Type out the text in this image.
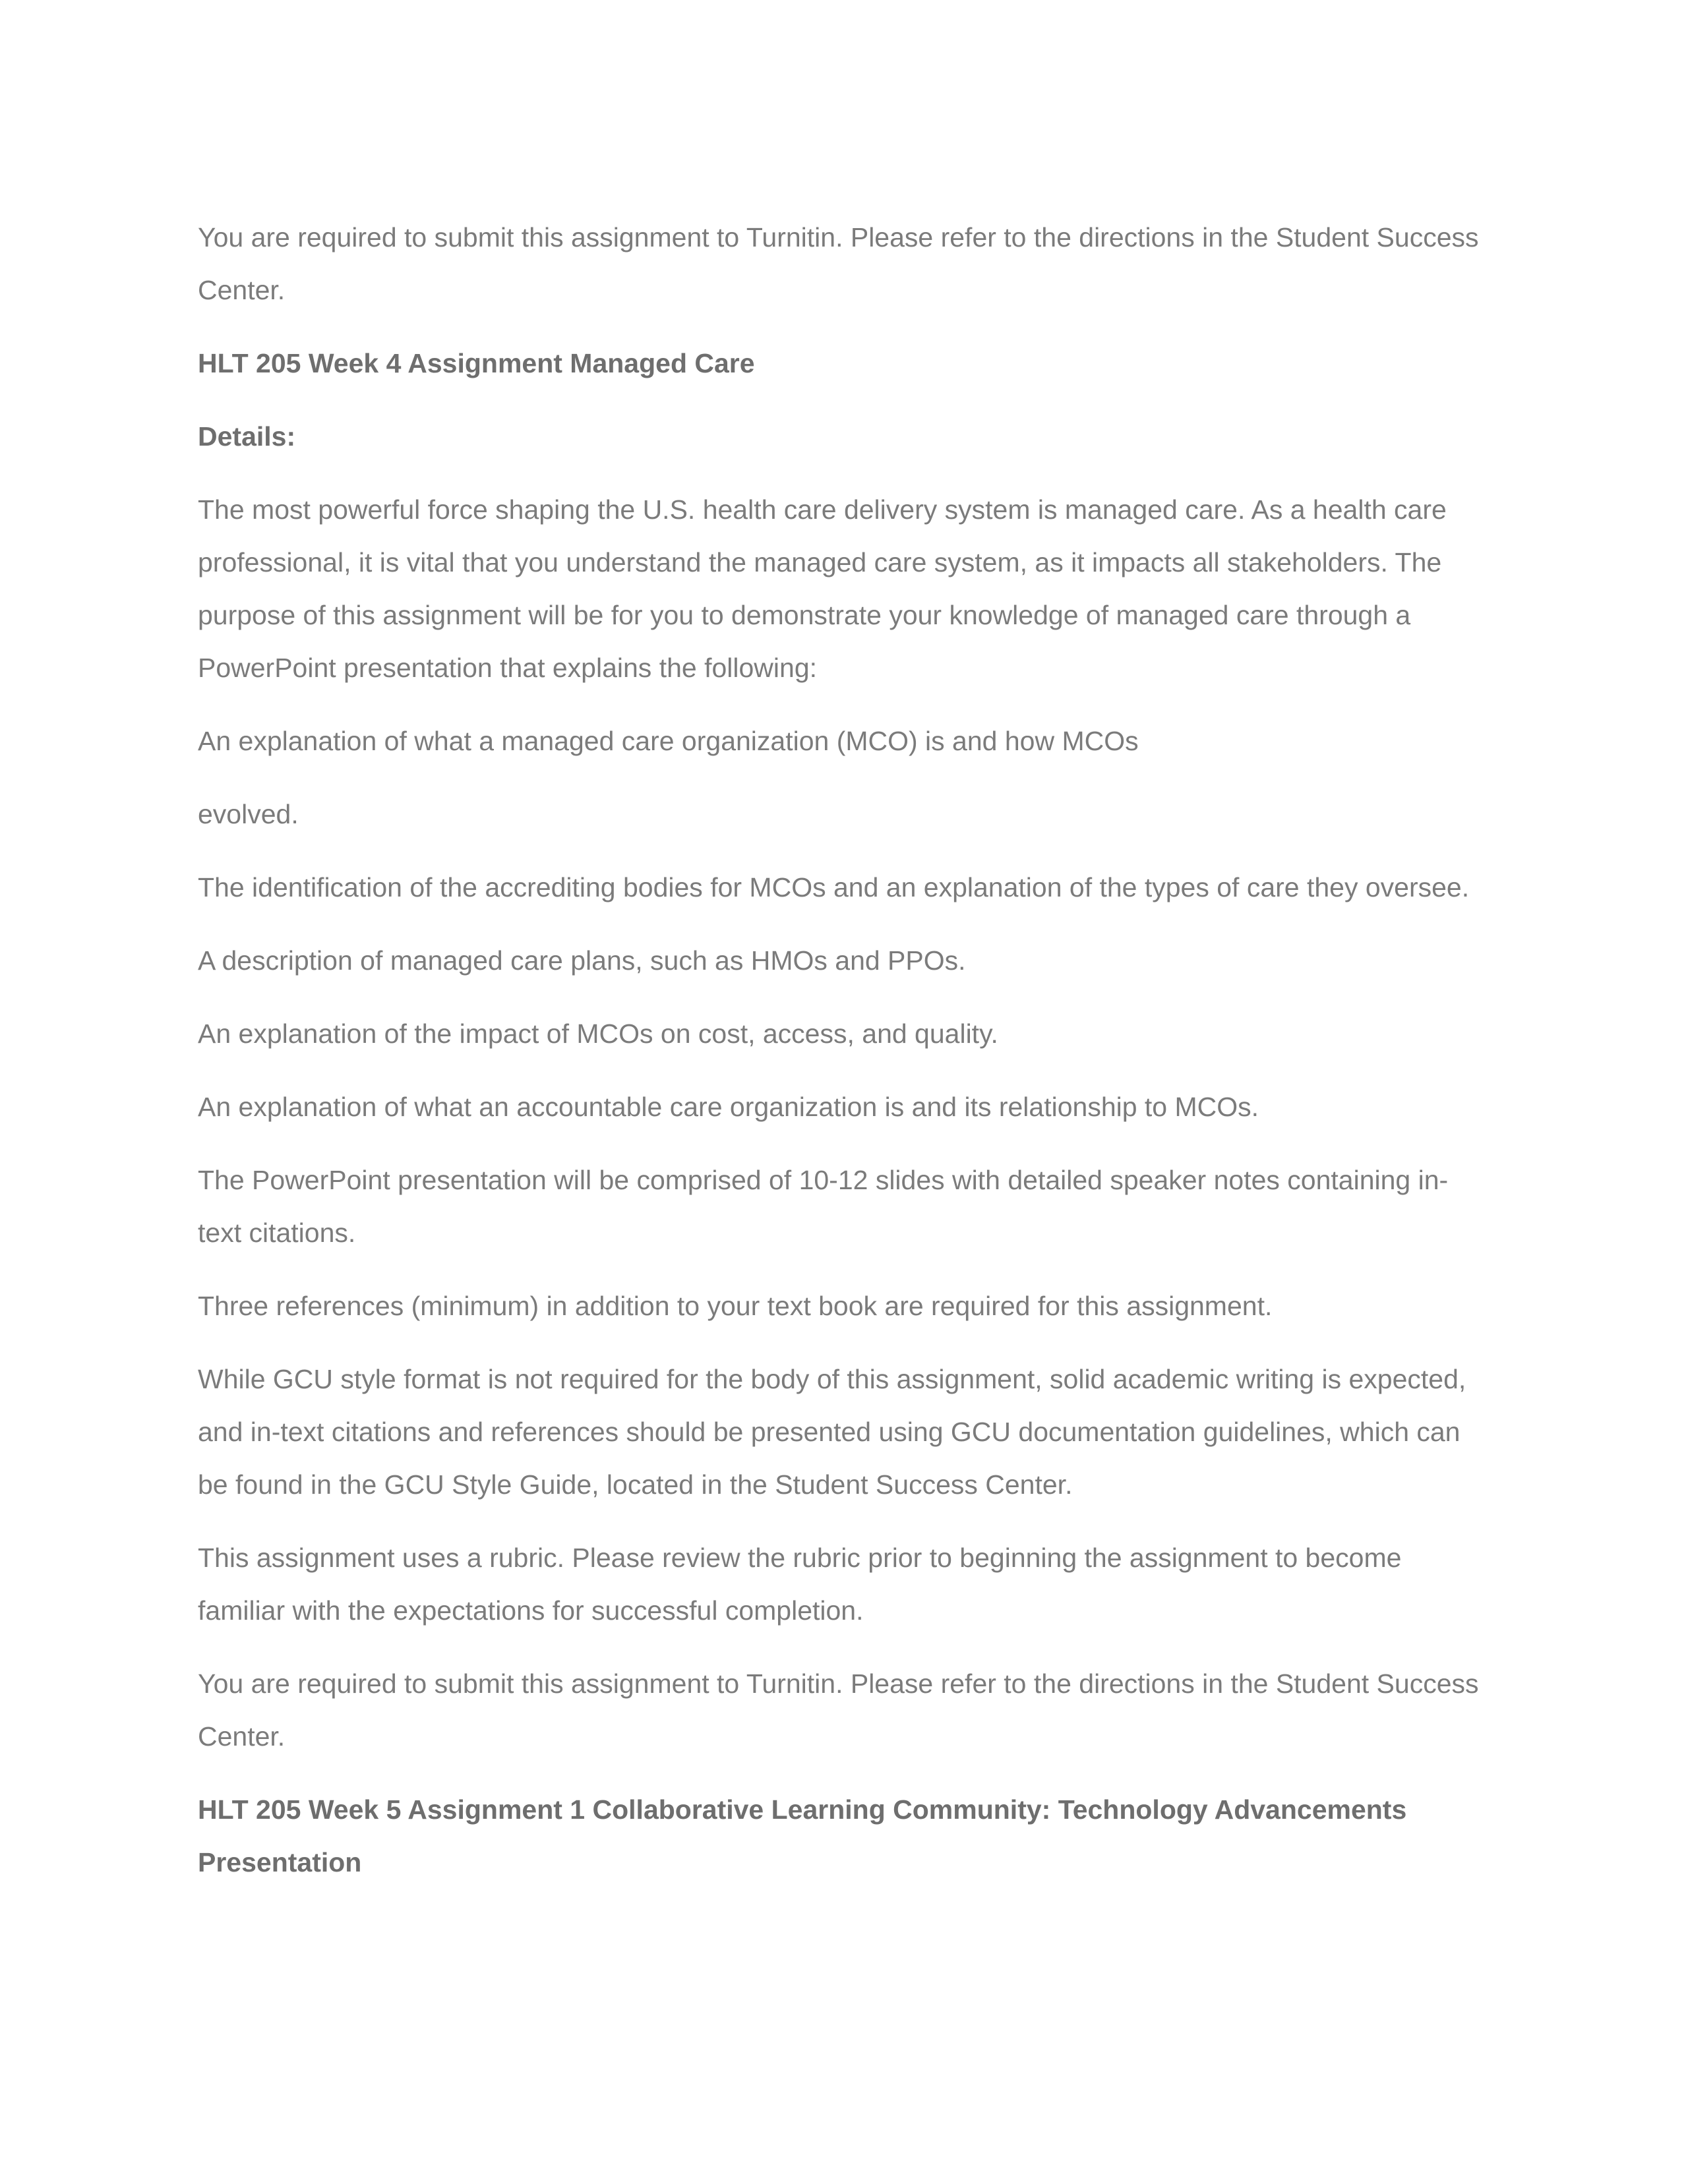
You are required to submit this assignment to Turnitin. Please refer to the directions in the Student Success Center.

HLT 205 Week 4 Assignment Managed Care

Details:

The most powerful force shaping the U.S. health care delivery system is managed care. As a health care professional, it is vital that you understand the managed care system, as it impacts all stakeholders. The purpose of this assignment will be for you to demonstrate your knowledge of managed care through a PowerPoint presentation that explains the following:

An explanation of what a managed care organization (MCO) is and how MCOs

evolved.

The identification of the accrediting bodies for MCOs and an explanation of the types of care they oversee.

A description of managed care plans, such as HMOs and PPOs.

An explanation of the impact of MCOs on cost, access, and quality.

An explanation of what an accountable care organization is and its relationship to MCOs.

The PowerPoint presentation will be comprised of 10-12 slides with detailed speaker notes containing in-text citations.

Three references (minimum) in addition to your text book are required for this assignment.

While GCU style format is not required for the body of this assignment, solid academic writing is expected, and in-text citations and references should be presented using GCU documentation guidelines, which can be found in the GCU Style Guide, located in the Student Success Center.

This assignment uses a rubric. Please review the rubric prior to beginning the assignment to become familiar with the expectations for successful completion.

You are required to submit this assignment to Turnitin. Please refer to the directions in the Student Success Center.

HLT 205 Week 5 Assignment 1 Collaborative Learning Community: Technology Advancements Presentation
